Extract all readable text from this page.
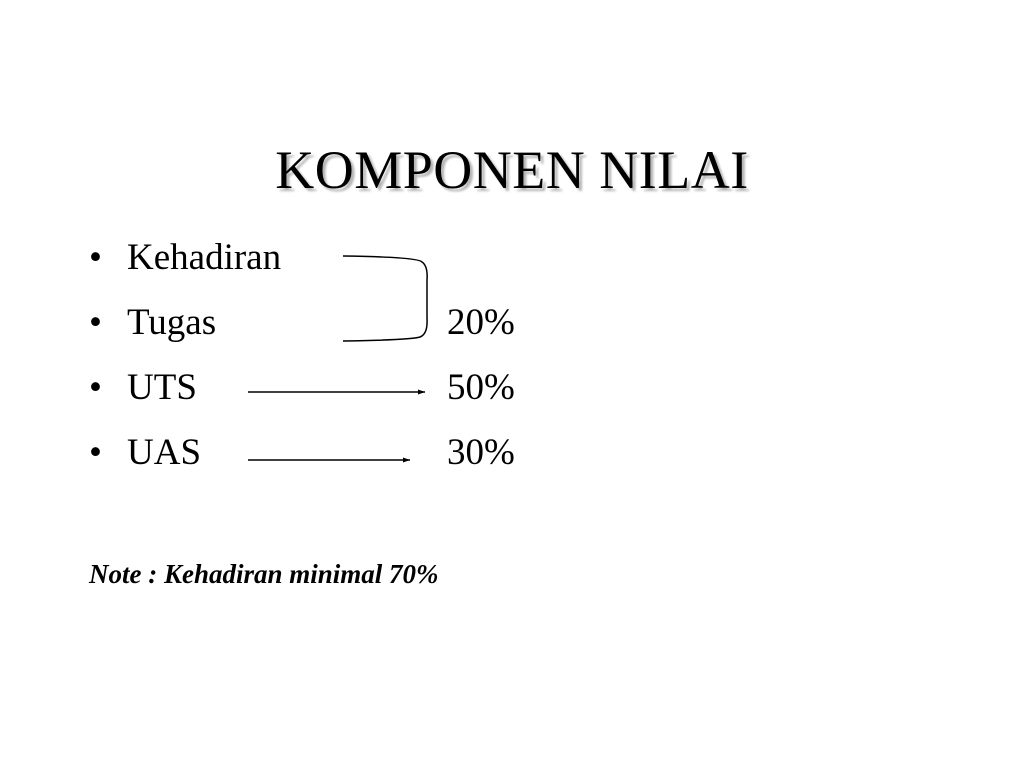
KOMPONEN NILAI
• Kehadiran
• Tugas
• UTS
• UAS
20%
50%
30%
Note : Kehadiran minimal 70%
